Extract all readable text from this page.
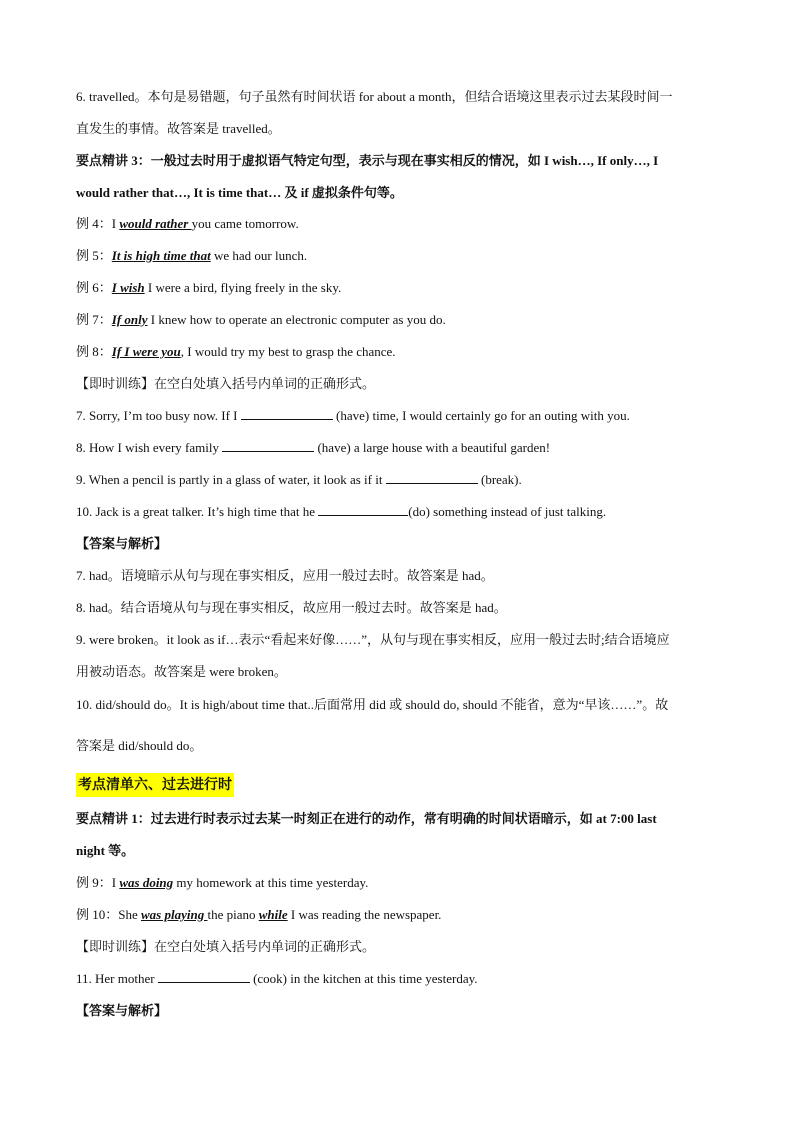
6. travelled。本句是易错题，句子虽然有时间状语 for about a month，但结合语境这里表示过去某段时间一
直发生的事情。故答案是 travelled。
要点精讲 3：一般过去时用于虚拟语气特定句型，表示与现在事实相反的情况，如 I wish…, If only…, I
would rather that…, It is time that… 及 if 虚拟条件句等。
例 4：I would rather you came tomorrow.
例 5：It is high time that we had our lunch.
例 6：I wish I were a bird, flying freely in the sky.
例 7：If only I knew how to operate an electronic computer as you do.
例 8：If I were you, I would try my best to grasp the chance.
【即时训练】在空白处填入括号内单词的正确形式。
7. Sorry, I’m too busy now. If I	(have) time, I would certainly go for an outing with you.
8. How I wish every family	(have) a large house with a beautiful garden!
9. When a pencil is partly in a glass of water, it look as if it	(break).
10. Jack is a great talker. It’s high time that he	(do) something instead of just talking.
【答案与解析】
7. had。语境暗示从句与现在事实相反，应用一般过去时。故答案是 had。
8. had。结合语境从句与现在事实相反，故应用一般过去时。故答案是 had。
9. were broken。it look as if…表示“看起来好像……”，从句与现在事实相反，应用一般过去时;结合语境应
用被动语态。故答案是 were broken。
10. did/should do。It is high/about time that..后面常用 did 或 should do, should 不能省，意为“早该……”。故
答案是 did/should do。
考点清单六、过去进行时
要点精讲 1：过去进行时表示过去某一时刻正在进行的动作，常有明确的时间状语暗示，如 at 7:00 last
night 等。
例 9：I was doing my homework at this time yesterday.
例 10：She was playing the piano while I was reading the newspaper.
【即时训练】在空白处填入括号内单词的正确形式。
11. Her mother	(cook) in the kitchen at this time yesterday.
【答案与解析】
